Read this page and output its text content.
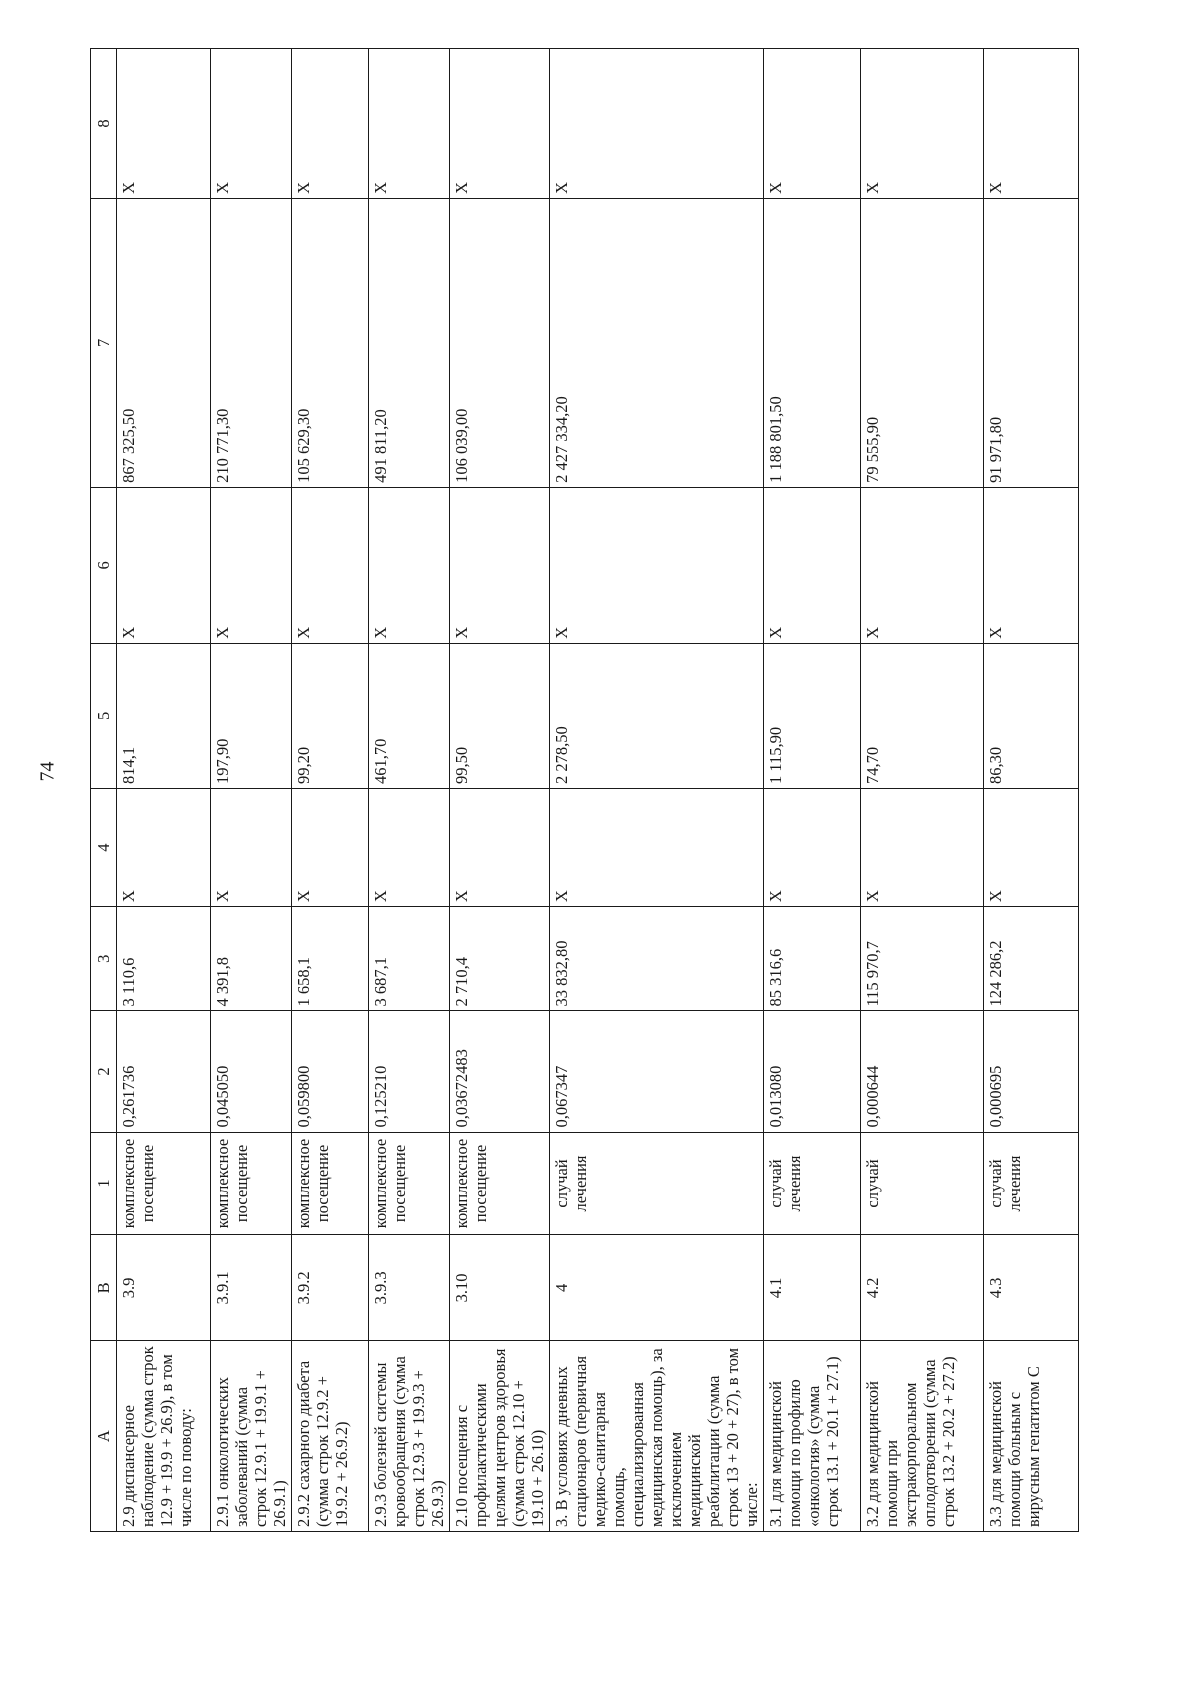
74
А	В	1	2	3	4	5	6	7	8
2.9 диспансерное наблюдение (сумма строк 12.9 + 19.9 + 26.9), в том числе по поводу:	3.9	комплексное посещение	0,261736	3 110,6	Х	814,1	Х	867 325,50	Х
2.9.1 онкологических заболеваний (сумма строк 12.9.1 + 19.9.1 + 26.9.1)	3.9.1	комплексное посещение	0,045050	4 391,8	Х	197,90	Х	210 771,30	Х
2.9.2 сахарного диабета (сумма строк 12.9.2 + 19.9.2 + 26.9.2)	3.9.2	комплексное посещение	0,059800	1 658,1	Х	99,20	Х	105 629,30	Х
2.9.3 болезней системы кровообращения (сумма строк 12.9.3 + 19.9.3 + 26.9.3)	3.9.3	комплексное посещение	0,125210	3 687,1	Х	461,70	Х	491 811,20	Х
2.10 посещения с профилактическими целями центров здоровья (сумма строк 12.10 + 19.10 + 26.10)	3.10	комплексное посещение	0,03672483	2 710,4	Х	99,50	Х	106 039,00	Х
3. В условиях дневных стационаров (первичная медико-санитарная помощь, специализированная медицинская помощь), за исключением медицинской реабилитации (сумма строк 13 + 20 + 27), в том числе:	4	случай лечения	0,067347	33 832,80	Х	2 278,50	Х	2 427 334,20	Х
3.1 для медицинской помощи по профилю «онкология» (сумма строк 13.1 + 20.1 + 27.1)	4.1	случай лечения	0,013080	85 316,6	Х	1 115,90	Х	1 188 801,50	Х
3.2 для медицинской помощи при экстракорпоральном оплодотворении (сумма строк 13.2 + 20.2 + 27.2)	4.2	случай	0,000644	115 970,7	Х	74,70	Х	79 555,90	Х
3.3 для медицинской помощи больным с вирусным гепатитом С	4.3	случай лечения	0,000695	124 286,2	Х	86,30	Х	91 971,80	Х
